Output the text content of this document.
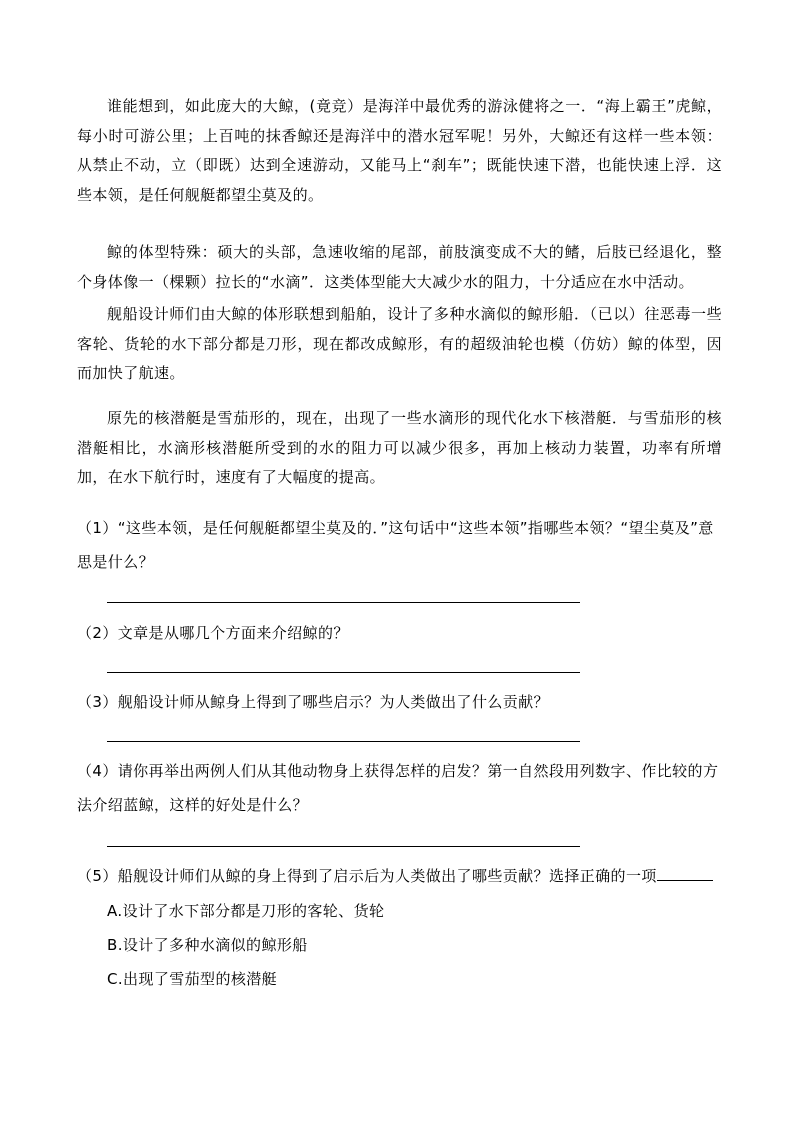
谁能想到，如此庞大的大鲸，(竟竞）是海洋中最优秀的游泳健将之一．“海上霸王”虎鲸，每小时可游公里；上百吨的抹香鲸还是海洋中的潜水冠军呢！另外，大鲸还有这样一些本领：从禁止不动，立（即既）达到全速游动，又能马上“刹车”；既能快速下潜，也能快速上浮．这些本领，是任何舰艇都望尘莫及的。

鲸的体型特殊：硕大的头部，急速收缩的尾部，前肢演变成不大的鳍，后肢已经退化，整个身体像一（棵颗）拉长的“水滴”．这类体型能大大减少水的阻力，十分适应在水中活动。

舰船设计师们由大鲸的体形联想到船舶，设计了多种水滴似的鲸形船．（已以）往恶毒一些客轮、货轮的水下部分都是刀形，现在都改成鲸形，有的超级油轮也模（仿妨）鲸的体型，因而加快了航速。

原先的核潜艇是雪茄形的，现在，出现了一些水滴形的现代化水下核潜艇．与雪茄形的核潜艇相比，水滴形核潜艇所受到的水的阻力可以减少很多，再加上核动力装置，功率有所增加，在水下航行时，速度有了大幅度的提高。

（1）“这些本领，是任何舰艇都望尘莫及的．”这句话中“这些本领”指哪些本领？“望尘莫及”意思是什么？

（2）文章是从哪几个方面来介绍鲸的？

（3）舰船设计师从鲸身上得到了哪些启示？为人类做出了什么贡献？

（4）请你再举出两例人们从其他动物身上获得怎样的启发？第一自然段用列数字、作比较的方法介绍蓝鲸，这样的好处是什么？

（5）船舰设计师们从鲸的身上得到了启示后为人类做出了哪些贡献？选择正确的一项

A.设计了水下部分都是刀形的客轮、货轮

B.设计了多种水滴似的鲸形船

C.出现了雪茄型的核潜艇
